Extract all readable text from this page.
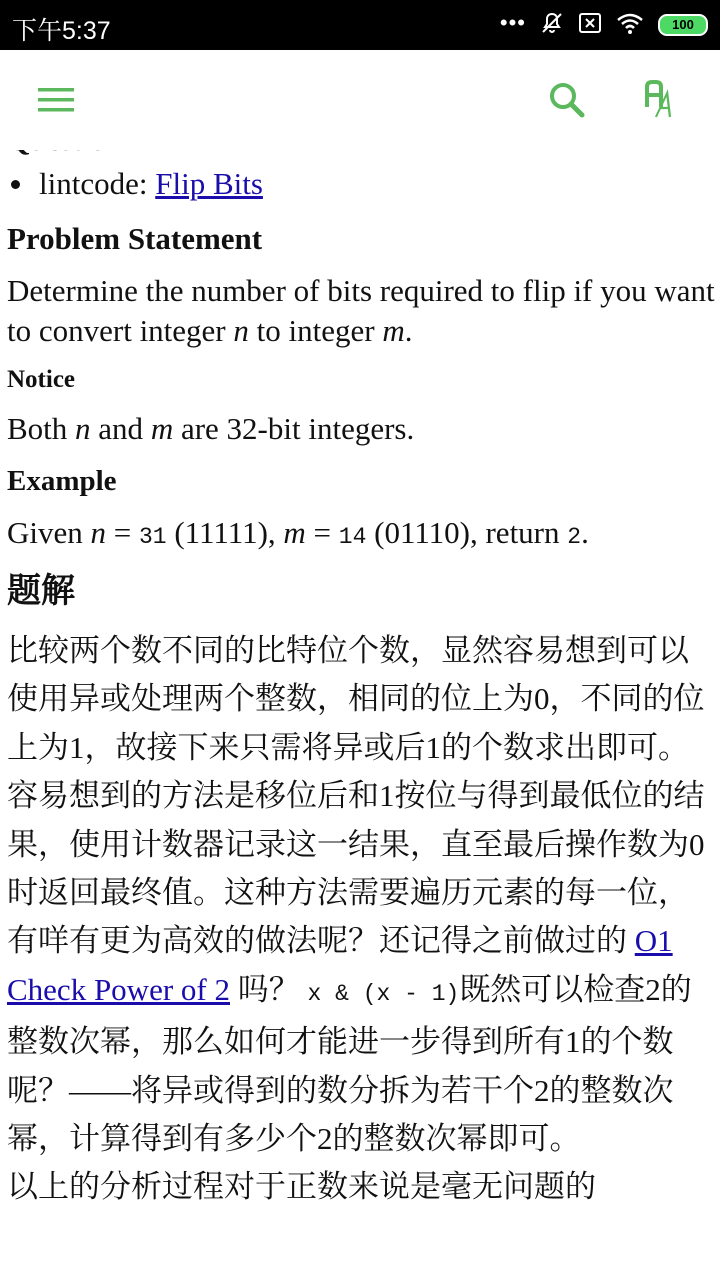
下午5:37	•••	100
lintcode: Flip Bits
Problem Statement

Determine the number of bits required to flip if you want to convert integer n to integer m.

Notice

Both n and m are 32-bit integers.

Example

Given n = 31 (11111), m = 14 (01110), return 2.

题解

比较两个数不同的比特位个数，显然容易想到可以使用异或处理两个整数，相同的位上为0，不同的位上为1，故接下来只需将异或后1的个数求出即可。容易想到的方法是移位后和1按位与得到最低位的结果，使用计数器记录这一结果，直至最后操作数为0时返回最终值。这种方法需要遍历元素的每一位，有咩有更为高效的做法呢？还记得之前做过的 O1 Check Power of 2 吗？ x & (x - 1)既然可以检查2的整数次幂，那么如何才能进一步得到所有1的个数呢？——将异或得到的数分拆为若干个2的整数次幂，计算得到有多少个2的整数次幂即可。

以上的分析过程对于正数来说是毫无问题的
